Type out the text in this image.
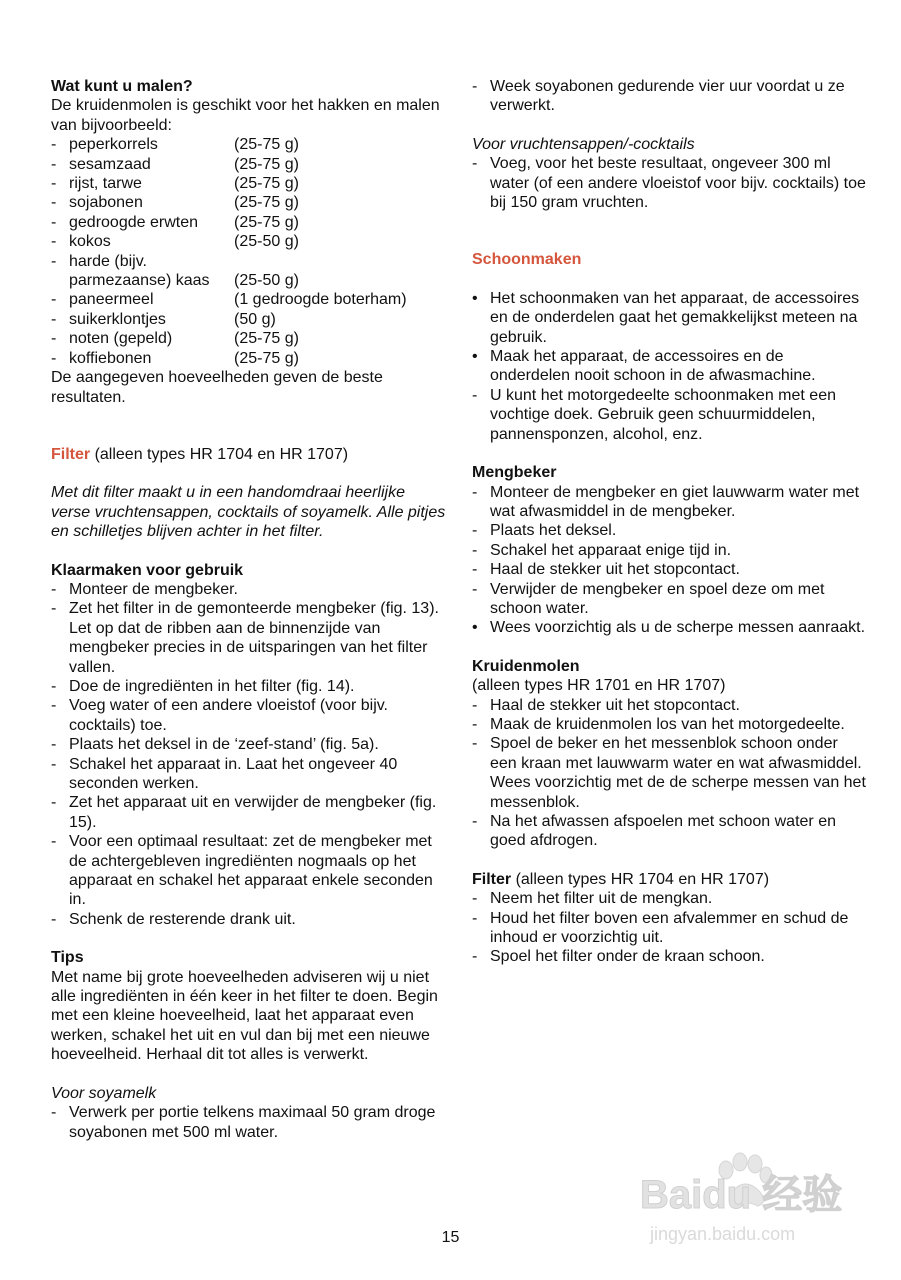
Wat kunt u malen?

De kruidenmolen is geschikt voor het hakken en malen van bijvoorbeeld:

- peperkorrels	(25-75 g)
- sesamzaad	(25-75 g)
- rijst, tarwe	(25-75 g)
- sojabonen	(25-75 g)
- gedroogde erwten (25-75 g)
- kokos	(25-50 g)
- harde (bijv.
parmezaanse) kaas (25-50 g)
- paneermeel	(1 gedroogde boterham)
- suikerklontjes	(50 g)
- noten (gepeld)	(25-75 g)
- koffiebonen	(25-75 g)

De aangegeven hoeveelheden geven de beste resultaten.

Filter (alleen types HR 1704 en HR 1707)

Met dit filter maakt u in een handomdraai heerlijke verse vruchtensappen, cocktails of soyamelk. Alle pitjes en schilletjes blijven achter in het filter.

Klaarmaken voor gebruik

- Monteer de mengbeker.

- Zet het filter in de gemonteerde mengbeker (fig. 13). Let op dat de ribben aan de binnenzijde van mengbeker precies in de uitsparingen van het filter vallen.

- Doe de ingrediënten in het filter (fig. 14).

- Voeg water of een andere vloeistof (voor bijv. cocktails) toe.

- Plaats het deksel in de ‘zeef-stand’ (fig. 5a).

- Schakel het apparaat in. Laat het ongeveer 40 seconden werken.

- Zet het apparaat uit en verwijder de mengbeker (fig. 15).

- Voor een optimaal resultaat: zet de mengbeker met de achtergebleven ingrediënten nogmaals op het apparaat en schakel het apparaat enkele seconden in.

- Schenk de resterende drank uit.

Tips

Met name bij grote hoeveelheden adviseren wij u niet alle ingrediënten in één keer in het filter te doen. Begin met een kleine hoeveelheid, laat het apparaat even werken, schakel het uit en vul dan bij met een nieuwe hoeveelheid. Herhaal dit tot alles is verwerkt.

Voor soyamelk

- Verwerk per portie telkens maximaal 50 gram droge soyabonen met 500 ml water.

- Week soyabonen gedurende vier uur voordat u ze verwerkt.

Voor vruchtensappen/-cocktails

- Voeg, voor het beste resultaat, ongeveer 300 ml water (of een andere vloeistof voor bijv. cocktails) toe bij 150 gram vruchten.

Schoonmaken

• Het schoonmaken van het apparaat, de accessoires en de onderdelen gaat het gemakkelijkst meteen na gebruik.

• Maak het apparaat, de accessoires en de onderdelen nooit schoon in de afwasmachine.

- U kunt het motorgedeelte schoonmaken met een vochtige doek. Gebruik geen schuurmiddelen, pannensponzen, alcohol, enz.

Mengbeker

- Monteer de mengbeker en giet lauwwarm water met wat afwasmiddel in de mengbeker.

- Plaats het deksel.

- Schakel het apparaat enige tijd in.

- Haal de stekker uit het stopcontact.

- Verwijder de mengbeker en spoel deze om met schoon water.

• Wees voorzichtig als u de scherpe messen aanraakt.

Kruidenmolen

(alleen types HR 1701 en HR 1707)

- Haal de stekker uit het stopcontact.

- Maak de kruidenmolen los van het motorgedeelte.

- Spoel de beker en het messenblok schoon onder een kraan met lauwwarm water en wat afwasmiddel.

Wees voorzichtig met de de scherpe messen van het messenblok.

- Na het afwassen afspoelen met schoon water en goed afdrogen.

Filter (alleen types HR 1704 en HR 1707)

- Neem het filter uit de mengkan.

- Houd het filter boven een afvalemmer en schud de inhoud er voorzichtig uit.

- Spoel het filter onder de kraan schoon.

Baidu 经验
jingyan.baidu.com
15
